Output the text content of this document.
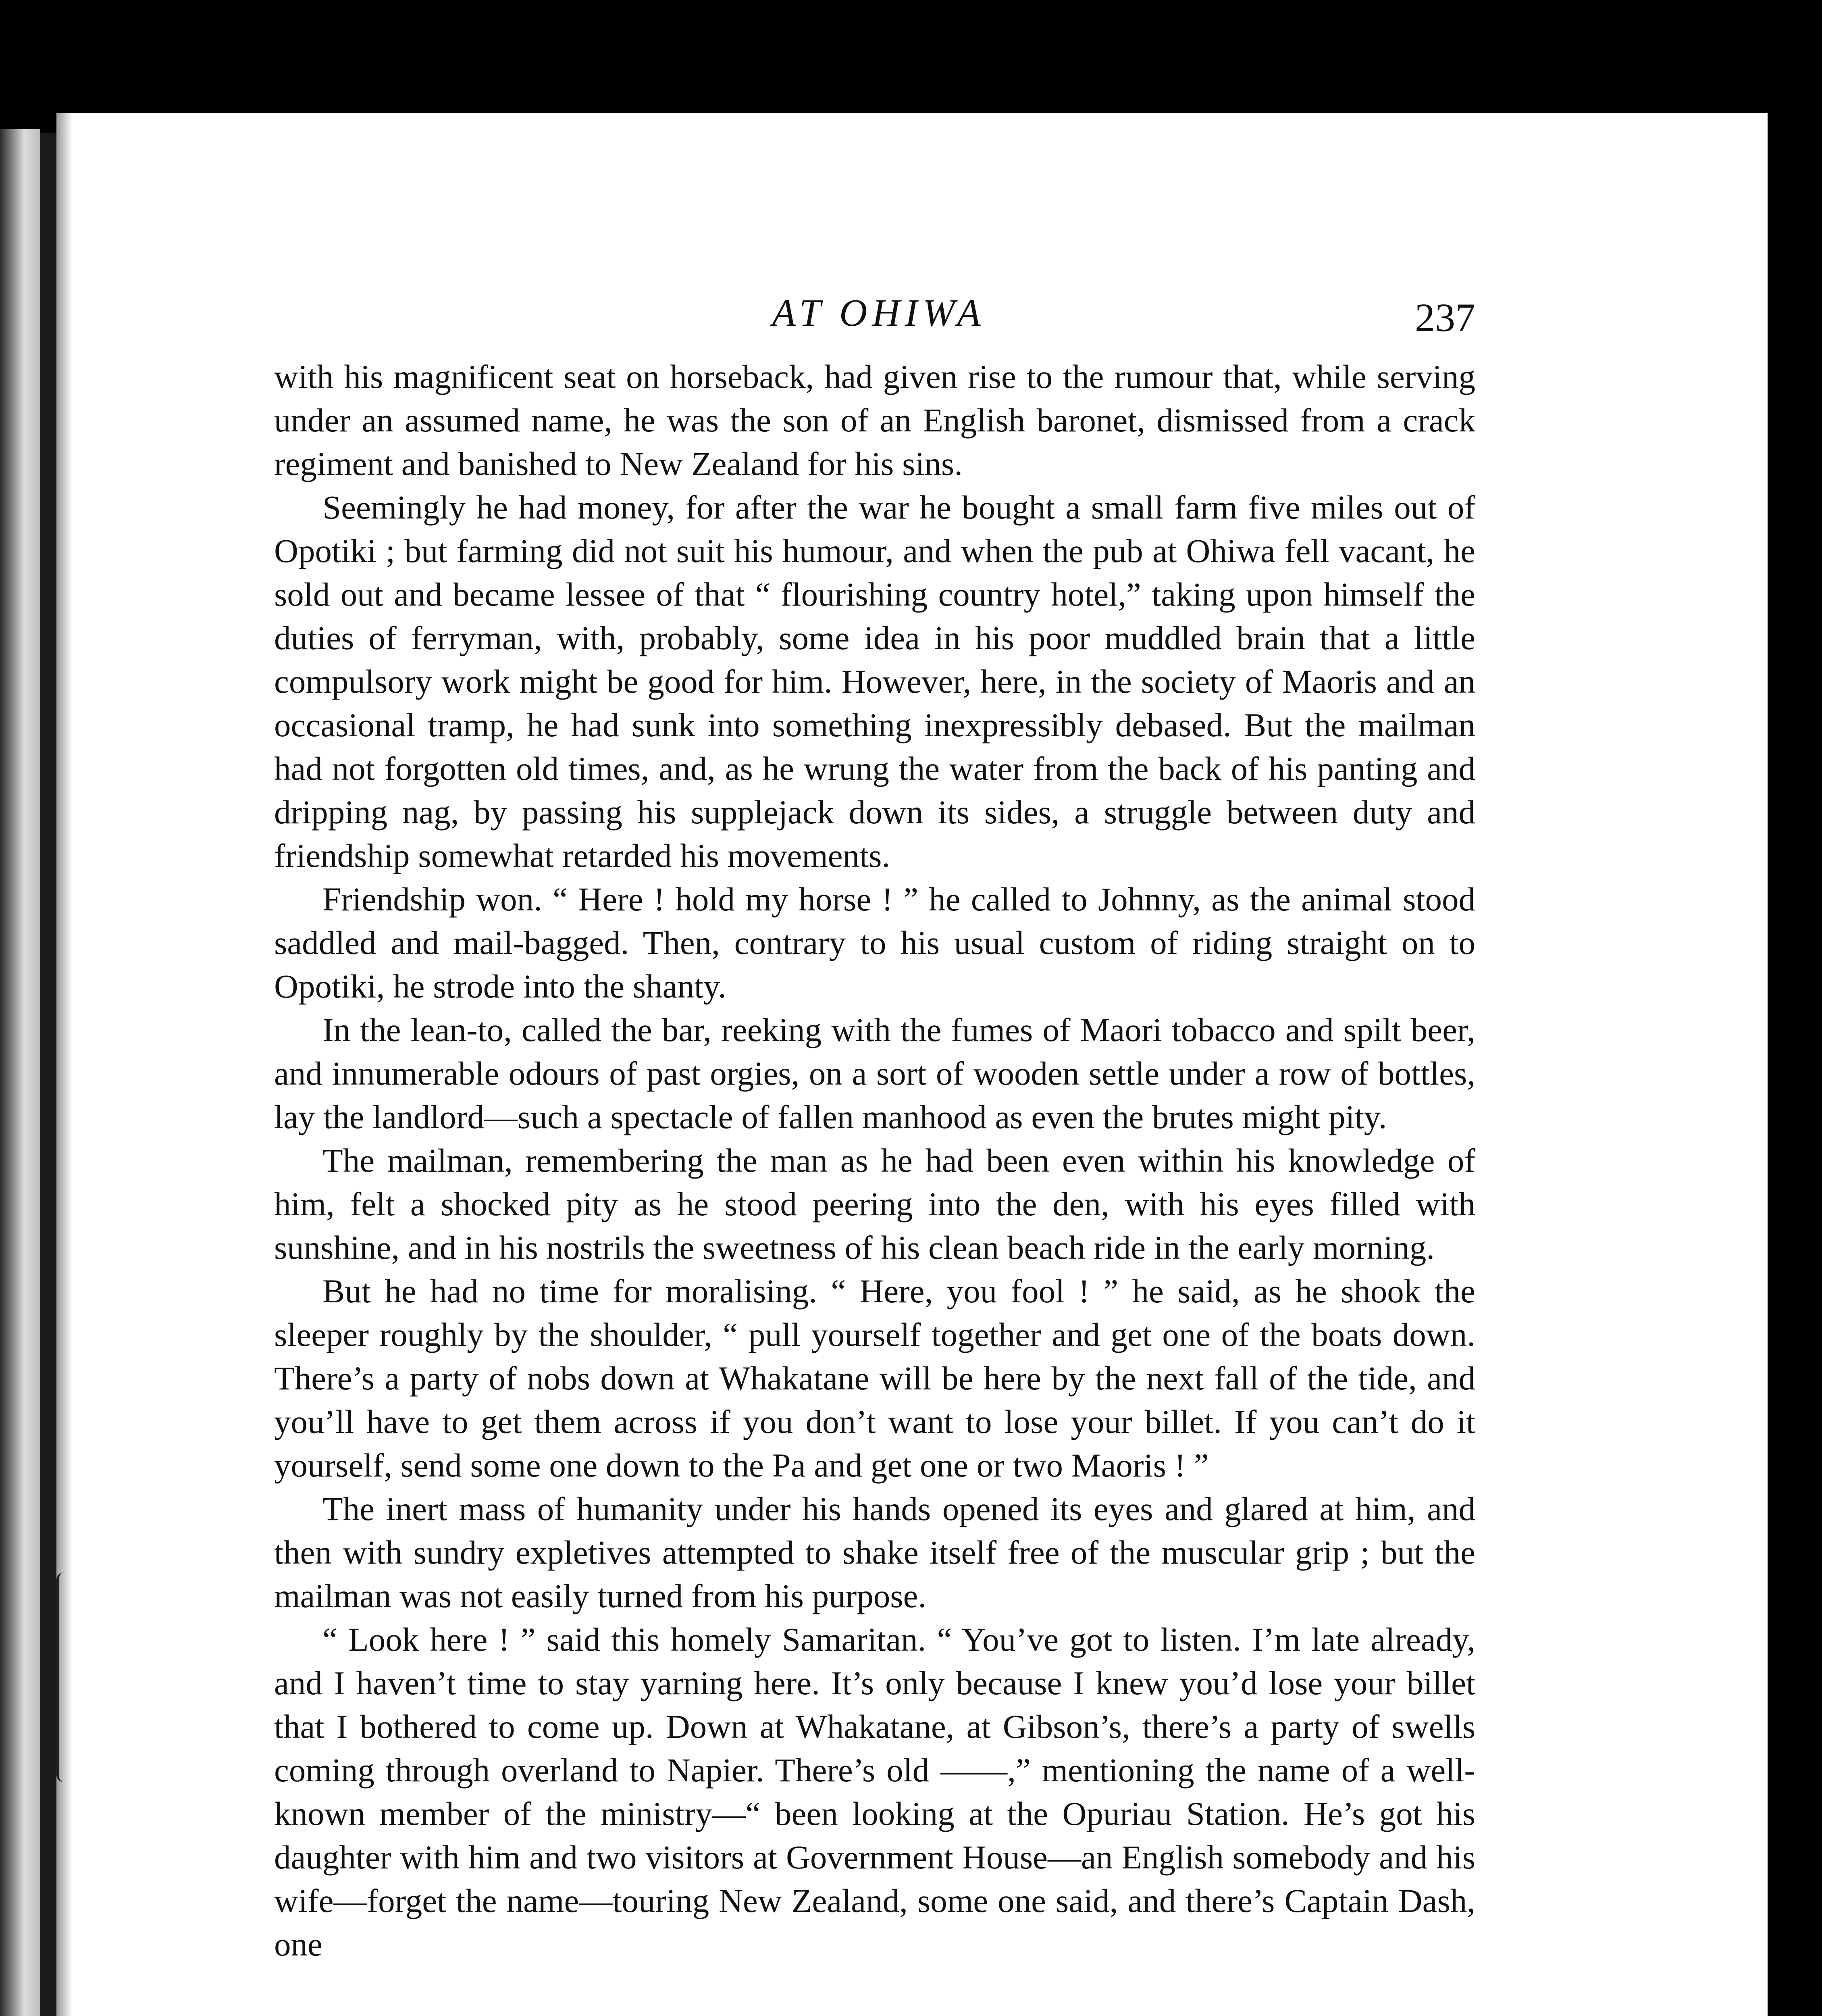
AT OHIWA	237

with his magnificent seat on horseback, had given rise to the rumour that, while serving under an assumed name, he was the son of an English baronet, dismissed from a crack regiment and banished to New Zealand for his sins.

Seemingly he had money, for after the war he bought a small farm five miles out of Opotiki ; but farming did not suit his humour, and when the pub at Ohiwa fell vacant, he sold out and became lessee of that “ flourishing country hotel,” taking upon himself the duties of ferryman, with, probably, some idea in his poor muddled brain that a little compulsory work might be good for him. However, here, in the society of Maoris and an occasional tramp, he had sunk into something inexpressibly debased. But the mailman had not forgotten old times, and, as he wrung the water from the back of his panting and dripping nag, by passing his supplejack down its sides, a struggle between duty and friendship somewhat retarded his movements.

Friendship won. “ Here ! hold my horse ! ” he called to Johnny, as the animal stood saddled and mail-bagged. Then, contrary to his usual custom of riding straight on to Opotiki, he strode into the shanty.

In the lean-to, called the bar, reeking with the fumes of Maori tobacco and spilt beer, and innumerable odours of past orgies, on a sort of wooden settle under a row of bottles, lay the landlord—such a spectacle of fallen manhood as even the brutes might pity.

The mailman, remembering the man as he had been even within his knowledge of him, felt a shocked pity as he stood peering into the den, with his eyes filled with sunshine, and in his nostrils the sweetness of his clean beach ride in the early morning.

But he had no time for moralising. “ Here, you fool ! ” he said, as he shook the sleeper roughly by the shoulder, “ pull yourself together and get one of the boats down. There’s a party of nobs down at Whakatane will be here by the next fall of the tide, and you’ll have to get them across if you don’t want to lose your billet. If you can’t do it yourself, send some one down to the Pa and get one or two Maoris ! ”

The inert mass of humanity under his hands opened its eyes and glared at him, and then with sundry expletives attempted to shake itself free of the muscular grip ; but the mailman was not easily turned from his purpose.

“ Look here ! ” said this homely Samaritan. “ You’ve got to listen. I’m late already, and I haven’t time to stay yarning here. It’s only because I knew you’d lose your billet that I bothered to come up. Down at Whakatane, at Gibson’s, there’s a party of swells coming through overland to Napier. There’s old ——,” mentioning the name of a well-known member of the ministry—“ been looking at the Opuriau Station. He’s got his daughter with him and two visitors at Government House—an English somebody and his wife—forget the name—touring New Zealand, some one said, and there’s Captain Dash, one
